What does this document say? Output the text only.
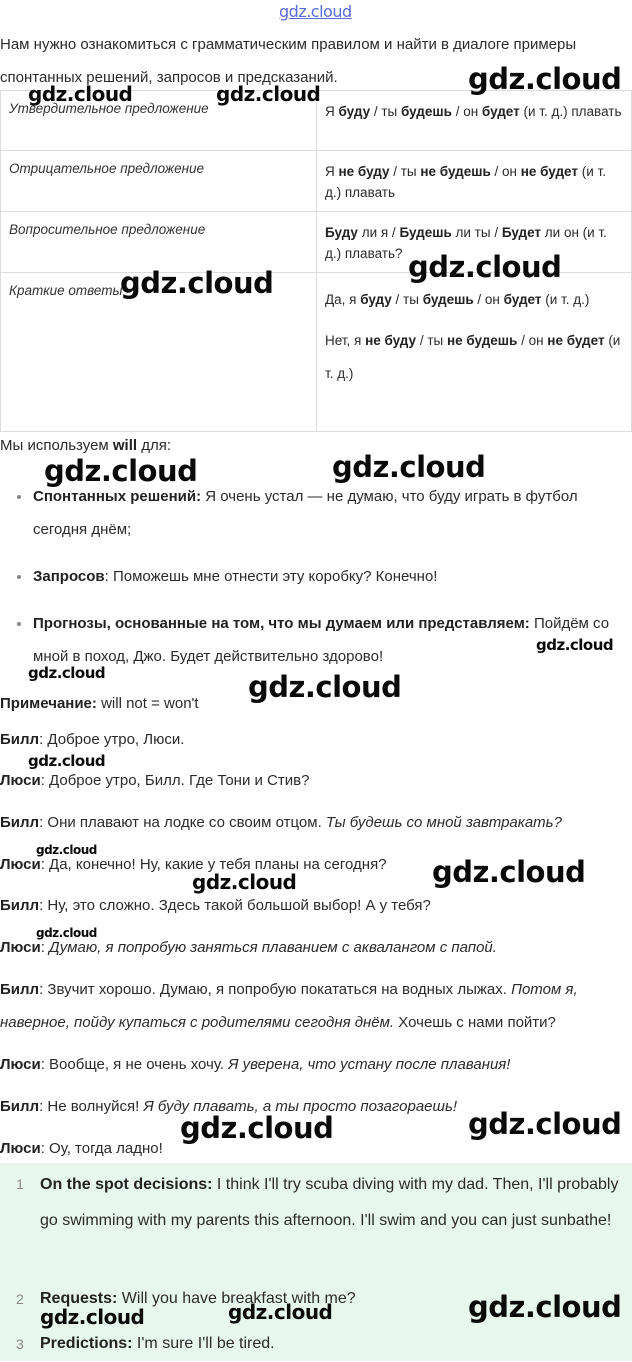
gdz.cloud
Нам нужно ознакомиться с грамматическим правилом и найти в диалоге примеры спонтанных решений, запросов и предсказаний.
Утвердительное предложение	Я буду / ты будешь / он будет (и т. д.) плавать
Отрицательное предложение	Я не буду / ты не будешь / он не будет (и т. д.) плавать
Вопросительное предложение	Буду ли я / Будешь ли ты / Будет ли он (и т. д.) плавать?
Краткие ответы	Да, я буду / ты будешь / он будет (и т. д.)
Нет, я не буду / ты не будешь / он не будет (и т. д.)
Мы используем will для:
Спонтанных решений: Я очень устал — не думаю, что буду играть в футбол сегодня днём;
Запросов: Поможешь мне отнести эту коробку? Конечно!
Прогнозы, основанные на том, что мы думаем или представляем: Пойдём со мной в поход, Джо. Будет действительно здорово!
Примечание: will not = won't
Билл: Доброе утро, Люси.
Люси: Доброе утро, Билл. Где Тони и Стив?
Билл: Они плавают на лодке со своим отцом. Ты будешь со мной завтракать?
Люси: Да, конечно! Ну, какие у тебя планы на сегодня?
Билл: Ну, это сложно. Здесь такой большой выбор! А у тебя?
Люси: Думаю, я попробую заняться плаванием с аквалангом с папой.
Билл: Звучит хорошо. Думаю, я попробую покататься на водных лыжах. Потом я, наверное, пойду купаться с родителями сегодня днём. Хочешь с нами пойти?
Люси: Вообще, я не очень хочу. Я уверена, что устану после плавания!
Билл: Не волнуйся! Я буду плавать, а ты просто позагораешь!
Люси: Оу, тогда ладно!
1 On the spot decisions: I think I'll try scuba diving with my dad. Then, I'll probably go swimming with my parents this afternoon. I'll swim and you can just sunbathe!
2 Requests: Will you have breakfast with me?
3 Predictions: I'm sure I'll be tired.
gdz.cloud
gdz.cloud	gdz.cloud
gdz.cloud
gdz.cloud
gdz.cloud
gdz.cloud
gdz.cloud
gdz.cloud	gdz.cloud
gdz.cloud
gdz.cloud
gdz.cloud
gdz.cloud
gdz.cloud
gdz.cloud	gdz.cloud
gdz.cloud	gdz.cloud	gdz.cloud
